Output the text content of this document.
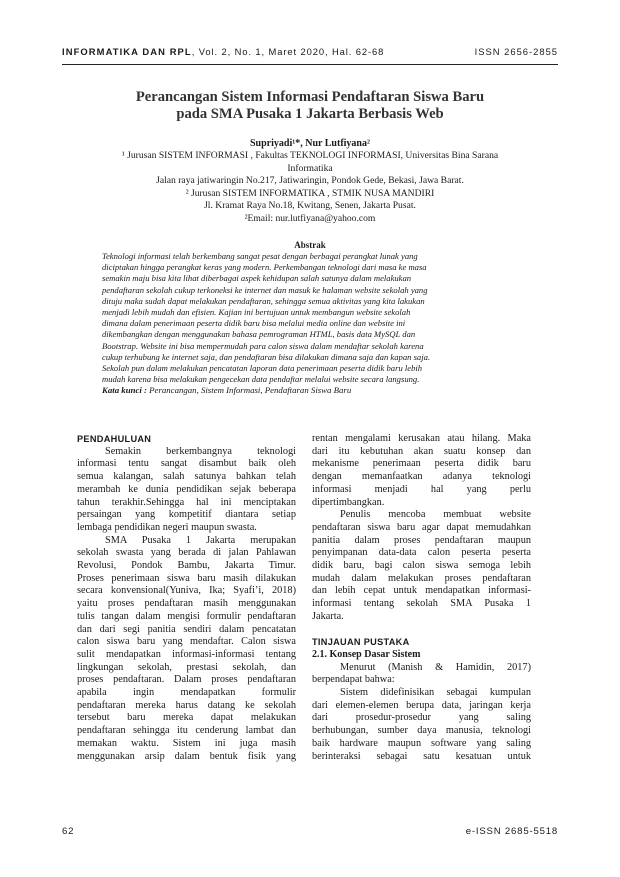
INFORMATIKA DAN RPL, Vol. 2, No. 1, Maret 2020, Hal. 62-68	ISSN 2656-2855
Perancangan Sistem Informasi Pendaftaran Siswa Baru
pada SMA Pusaka 1 Jakarta Berbasis Web
Supriyadi¹*, Nur Lutfiyana²
¹ Jurusan SISTEM INFORMASI , Fakultas TEKNOLOGI INFORMASI, Universitas Bina Sarana
Informatika
Jalan raya jatiwaringin No.217, Jatiwaringin, Pondok Gede, Bekasi, Jawa Barat.
² Jurusan SISTEM INFORMATIKA , STMIK NUSA MANDIRI
Jl. Kramat Raya No.18, Kwitang, Senen, Jakarta Pusat.
²Email: nur.lutfiyana@yahoo.com
Abstrak
Teknologi informasi telah berkembang sangat pesat dengan berbagai perangkat lunak yang
diciptakan hingga perangkat keras yang modern. Perkembangan teknologi dari masa ke masa
semakin maju bisa kita lihat diberbagai aspek kehidupan salah satunya dalam melakukan
pendaftaran sekolah cukup terkoneksi ke internet dan masuk ke halaman website sekolah yang
dituju maka sudah dapat melakukan pendaftaran, sehingga semua aktivitas yang kita lakukan
menjadi lebih mudah dan efisien. Kajian ini bertujuan untuk membangun website sekolah
dimana dalam penerimaan peserta didik baru bisa melalui media online dan website ini
dikembangkan dengan menggunakan bahasa pemrograman HTML, basis data MySQL dan
Bootstrap. Website ini bisa mempermudah para calon siswa dalam mendaftar sekolah karena
cukup terhubung ke internet saja, dan pendaftaran bisa dilakukan dimana saja dan kapan saja.
Sekolah pun dalam melakukan pencatatan laporan data penerimaan peserta didik baru lebih
mudah karena bisa melakukan pengecekan data pendaftar melalui website secara langsung.
Kata kunci : Perancangan, Sistem Informasi, Pendaftaran Siswa Baru
PENDAHULUAN
Semakin berkembangnya teknologi
informasi tentu sangat disambut baik oleh
semua kalangan, salah satunya bahkan telah
merambah ke dunia pendidikan sejak beberapa
tahun terakhir.Sehingga hal ini menciptakan
persaingan yang kompetitif diantara setiap
lembaga pendidikan negeri maupun swasta.
SMA Pusaka 1 Jakarta merupakan
sekolah swasta yang berada di jalan Pahlawan
Revolusi, Pondok Bambu, Jakarta Timur.
Proses penerimaan siswa baru masih dilakukan
secara konvensional(Yuniva, Ika; Syafi’i, 2018)
yaitu proses pendaftaran masih menggunakan
tulis tangan dalam mengisi formulir pendaftaran
dan dari segi panitia sendiri dalam pencatatan
calon siswa baru yang mendaftar. Calon siswa
sulit mendapatkan informasi-informasi tentang
lingkungan sekolah, prestasi sekolah, dan
proses pendaftaran. Dalam proses pendaftaran
apabila ingin mendapatkan formulir
pendaftaran mereka harus datang ke sekolah
tersebut baru mereka dapat melakukan
pendaftaran sehingga itu cenderung lambat dan
memakan waktu. Sistem ini juga masih
menggunakan arsip dalam bentuk fisik yang
rentan mengalami kerusakan atau hilang. Maka
dari itu kebutuhan akan suatu konsep dan
mekanisme penerimaan peserta didik baru
dengan memanfaatkan adanya teknologi
informasi menjadi hal yang perlu
dipertimbangkan.
Penulis mencoba membuat website
pendaftaran siswa baru agar dapat memudahkan
panitia dalam proses pendaftaran maupun
penyimpanan data-data calon peserta peserta
didik baru, bagi calon siswa semoga lebih
mudah dalam melakukan proses pendaftaran
dan lebih cepat untuk mendapatkan informasi-
informasi tentang sekolah SMA Pusaka 1
Jakarta.
TINJAUAN PUSTAKA
2.1. Konsep Dasar Sistem
Menurut (Manish & Hamidin, 2017)
berpendapat bahwa:
Sistem didefinisikan sebagai kumpulan
dari elemen-elemen berupa data, jaringan kerja
dari prosedur-prosedur yang saling
berhubungan, sumber daya manusia, teknologi
baik hardware maupun software yang saling
berinteraksi sebagai satu kesatuan untuk
62	e-ISSN 2685-5518
